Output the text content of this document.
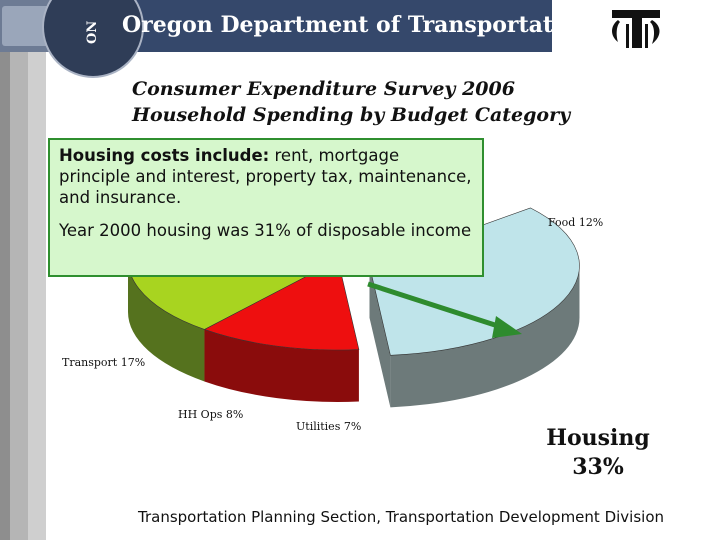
ON Oregon Department of Transportation
Consumer Expenditure Survey 2006
Household Spending by Budget Category
Food 12%
Transport 17%
HH Ops 8%
Utilities 7%

Housing costs include: rent, mortgage principle and interest, property tax, maintenance, and insurance.

Year 2000 housing was 31% of disposable income

Housing
33%
Transportation Planning Section, Transportation Development Division
